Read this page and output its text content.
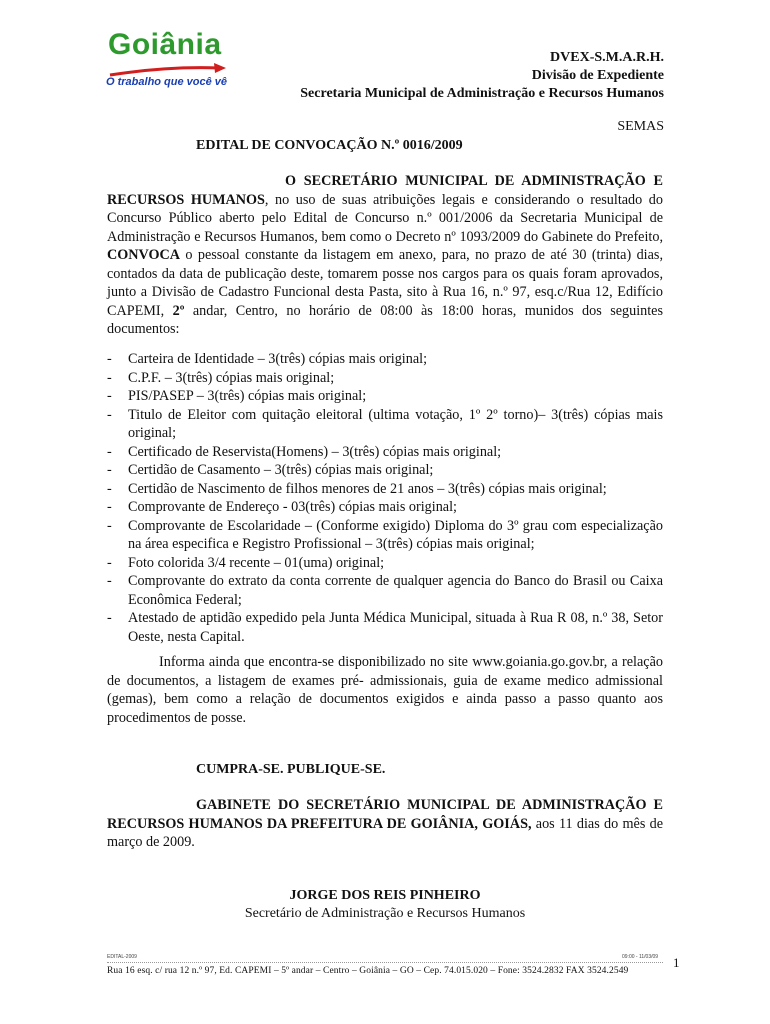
Goiânia
O trabalho que você vê
DVEX-S.M.A.R.H.
Divisão de Expediente
Secretaria Municipal de Administração e Recursos Humanos
SEMAS
EDITAL DE CONVOCAÇÃO N.º 0016/2009
O SECRETÁRIO MUNICIPAL DE ADMINISTRAÇÃO E RECURSOS HUMANOS, no uso de suas atribuições legais e considerando o resultado do Concurso Público aberto pelo Edital de Concurso n.º 001/2006 da Secretaria Municipal de Administração e Recursos Humanos, bem como o Decreto nº 1093/2009 do Gabinete do Prefeito, CONVOCA o pessoal constante da listagem em anexo, para, no prazo de até 30 (trinta) dias, contados da data de publicação deste, tomarem posse nos cargos para os quais foram aprovados, junto a Divisão de Cadastro Funcional desta Pasta, sito à Rua 16, n.º 97, esq.c/Rua 12, Edifício CAPEMI, 2º andar, Centro, no horário de 08:00 às 18:00 horas, munidos dos seguintes documentos:
- Carteira de Identidade – 3(três) cópias mais original;
- C.P.F. – 3(três) cópias mais original;
- PIS/PASEP – 3(três) cópias mais original;
- Titulo de Eleitor com quitação eleitoral (ultima votação, 1º 2º torno)– 3(três) cópias mais original;
- Certificado de Reservista(Homens) – 3(três) cópias mais original;
- Certidão de Casamento – 3(três) cópias mais original;
- Certidão de Nascimento de filhos menores de 21 anos – 3(três) cópias mais original;
- Comprovante de Endereço - 03(três) cópias mais original;
- Comprovante de Escolaridade – (Conforme exigido) Diploma do 3º grau com especialização na área especifica e Registro Profissional – 3(três) cópias mais original;
- Foto colorida 3/4 recente – 01(uma) original;
- Comprovante do extrato da conta corrente de qualquer agencia do Banco do Brasil ou Caixa Econômica Federal;
- Atestado de aptidão expedido pela Junta Médica Municipal, situada à Rua R 08, n.º 38, Setor Oeste, nesta Capital.
Informa ainda que encontra-se disponibilizado no site www.goiania.go.gov.br, a relação de documentos, a listagem de exames pré- admissionais, guia de exame medico admissional (gemas), bem como a relação de documentos exigidos e ainda passo a passo quanto aos procedimentos de posse.
CUMPRA-SE. PUBLIQUE-SE.
GABINETE DO SECRETÁRIO MUNICIPAL DE ADMINISTRAÇÃO E RECURSOS HUMANOS DA PREFEITURA DE GOIÂNIA, GOIÁS, aos 11 dias do mês de março de 2009.
JORGE DOS REIS PINHEIRO
Secretário de Administração e Recursos Humanos
EDITAL-2009	09:00 - 11/03/09
Rua 16 esq. c/ rua 12 n.º 97, Ed. CAPEMI – 5º andar – Centro – Goiânia – GO – Cep. 74.015.020 – Fone: 3524.2832 FAX 3524.2549
1
